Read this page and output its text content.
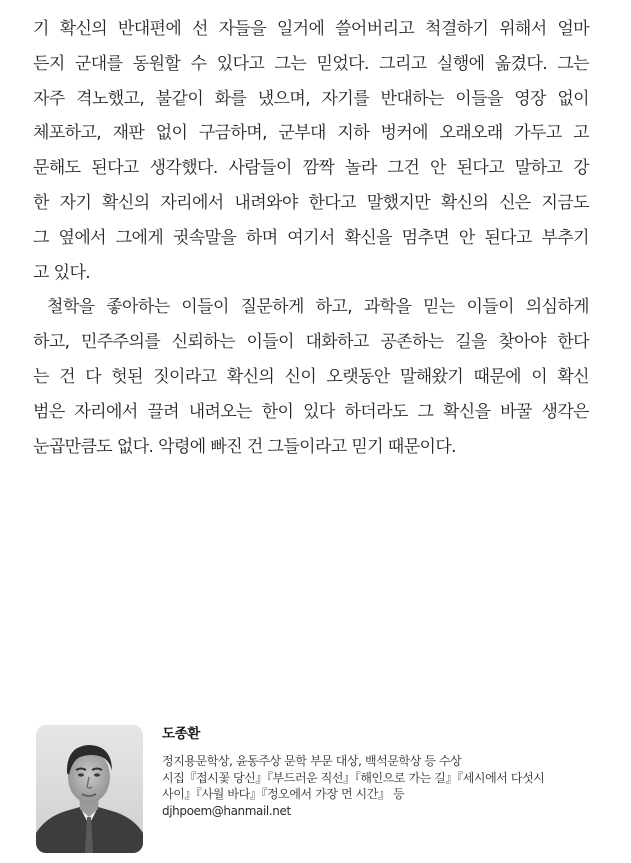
기 확신의 반대편에 선 자들을 일거에 쓸어버리고 척결하기 위해서 얼마
든지 군대를 동원할 수 있다고 그는 믿었다. 그리고 실행에 옮겼다. 그는
자주 격노했고, 불같이 화를 냈으며, 자기를 반대하는 이들을 영장 없이
체포하고, 재판 없이 구금하며, 군부대 지하 벙커에 오래오래 가두고 고
문해도 된다고 생각했다. 사람들이 깜짝 놀라 그건 안 된다고 말하고 강
한 자기 확신의 자리에서 내려와야 한다고 말했지만 확신의 신은 지금도
그 옆에서 그에게 귓속말을 하며 여기서 확신을 멈추면 안 된다고 부추기
고 있다.

철학을 좋아하는 이들이 질문하게 하고, 과학을 믿는 이들이 의심하게
하고, 민주주의를 신뢰하는 이들이 대화하고 공존하는 길을 찾아야 한다
는 건 다 헛된 짓이라고 확신의 신이 오랫동안 말해왔기 때문에 이 확신
범은 자리에서 끌려 내려오는 한이 있다 하더라도 그 확신을 바꿀 생각은
눈곱만큼도 없다. 악령에 빠진 건 그들이라고 믿기 때문이다.

도종환
정지용문학상, 윤동주상 문학 부문 대상, 백석문학상 등 수상
시집『접시꽃 당신』『부드러운 직선』『해인으로 가는 길』『세시에서 다섯시
사이』『사월 바다』『정오에서 가장 먼 시간』 등
djhpoem@hanmail.net
